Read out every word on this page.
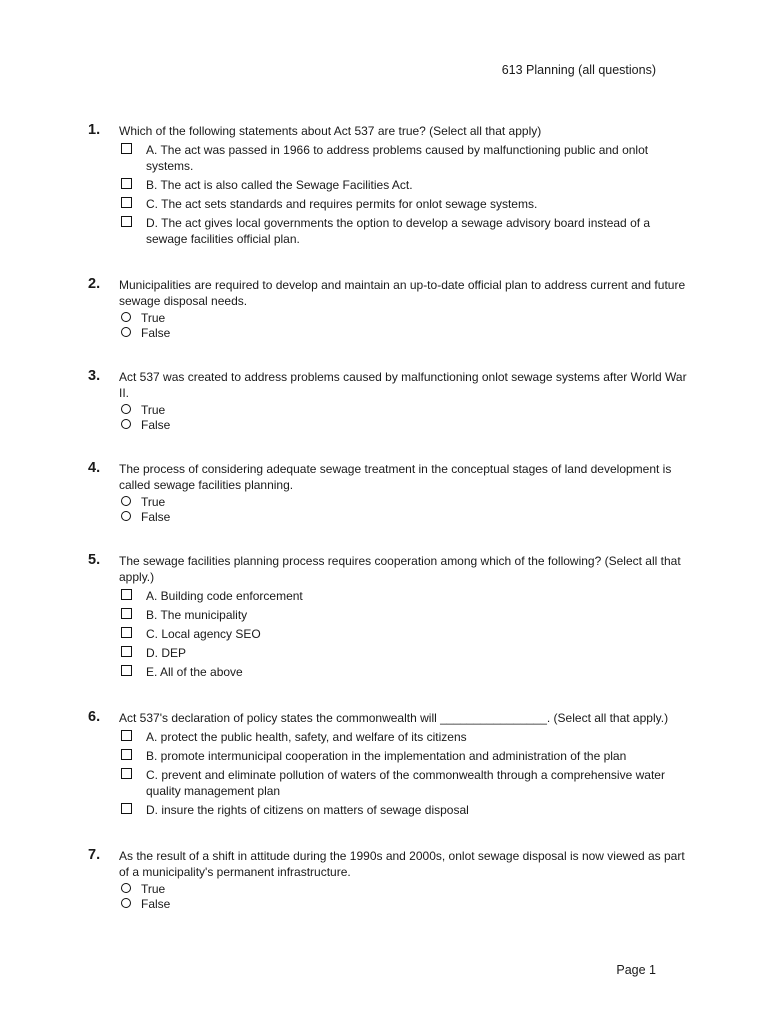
613 Planning (all questions)
1. Which of the following statements about Act 537 are true? (Select all that apply)
A. The act was passed in 1966 to address problems caused by malfunctioning public and onlot systems.
B. The act is also called the Sewage Facilities Act.
C. The act sets standards and requires permits for onlot sewage systems.
D. The act gives local governments the option to develop a sewage advisory board instead of a sewage facilities official plan.
2. Municipalities are required to develop and maintain an up-to-date official plan to address current and future sewage disposal needs.
True
False
3. Act 537 was created to address problems caused by malfunctioning onlot sewage systems after World War II.
True
False
4. The process of considering adequate sewage treatment in the conceptual stages of land development is called sewage facilities planning.
True
False
5. The sewage facilities planning process requires cooperation among which of the following? (Select all that apply.)
A. Building code enforcement
B. The municipality
C. Local agency SEO
D. DEP
E. All of the above
6. Act 537's declaration of policy states the commonwealth will ________________. (Select all that apply.)
A. protect the public health, safety, and welfare of its citizens
B. promote intermunicipal cooperation in the implementation and administration of the plan
C. prevent and eliminate pollution of waters of the commonwealth through a comprehensive water quality management plan
D. insure the rights of citizens on matters of sewage disposal
7. As the result of a shift in attitude during the 1990s and 2000s, onlot sewage disposal is now viewed as part of a municipality's permanent infrastructure.
True
False
Page 1
